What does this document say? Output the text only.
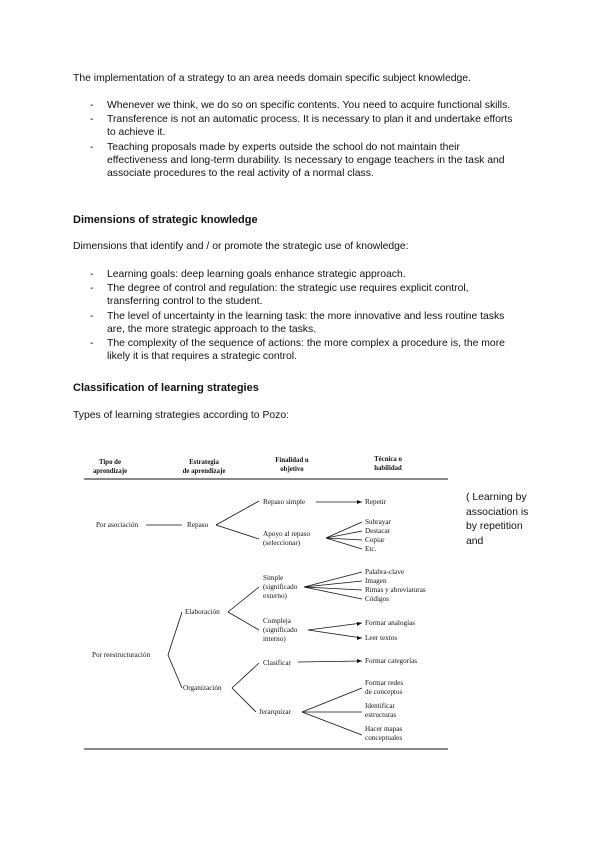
The implementation of a strategy to an area needs domain specific subject knowledge.

- Whenever we think, we do so on specific contents. You need to acquire functional skills.
- Transference is not an automatic process. It is necessary to plan it and undertake efforts to achieve it.
- Teaching proposals made by experts outside the school do not maintain their effectiveness and long-term durability. Is necessary to engage teachers in the task and associate procedures to the real activity of a normal class.

Dimensions of strategic knowledge

Dimensions that identify and / or promote the strategic use of knowledge:

- Learning goals: deep learning goals enhance strategic approach.
- The degree of control and regulation: the strategic use requires explicit control, transferring control to the student.
- The level of uncertainty in the learning task: the more innovative and less routine tasks are, the more strategic approach to the tasks.
- The complexity of the sequence of actions: the more complex a procedure is, the more likely it is that requires a strategic control.

Classification of learning strategies

Types of learning strategies according to Pozo:

( Learning by association is by repetition and
Tipo de
aprendizaje
Estrategia
de aprendizaje
Finalidad u
objetivo
Técnica o
habilidad
Por asociación
Por reestructuración
Repaso
Elaboración
Organización
Repaso simple
Apoyo al repaso
(seleccionar)
Simple
(significado
externo)
Compleja
(significado
interno)
Clasificar
Jerarquizar
Repetir
Subrayar
Destacar
Copiar
Etc.
Palabra-clave
Imagen
Rimas y abreviaturas
Códigos
Formar analogías
Leer textos
Formar categorías
Formar redes
de conceptos
Identificar
estructuras
Hacer mapas
conceptuales
